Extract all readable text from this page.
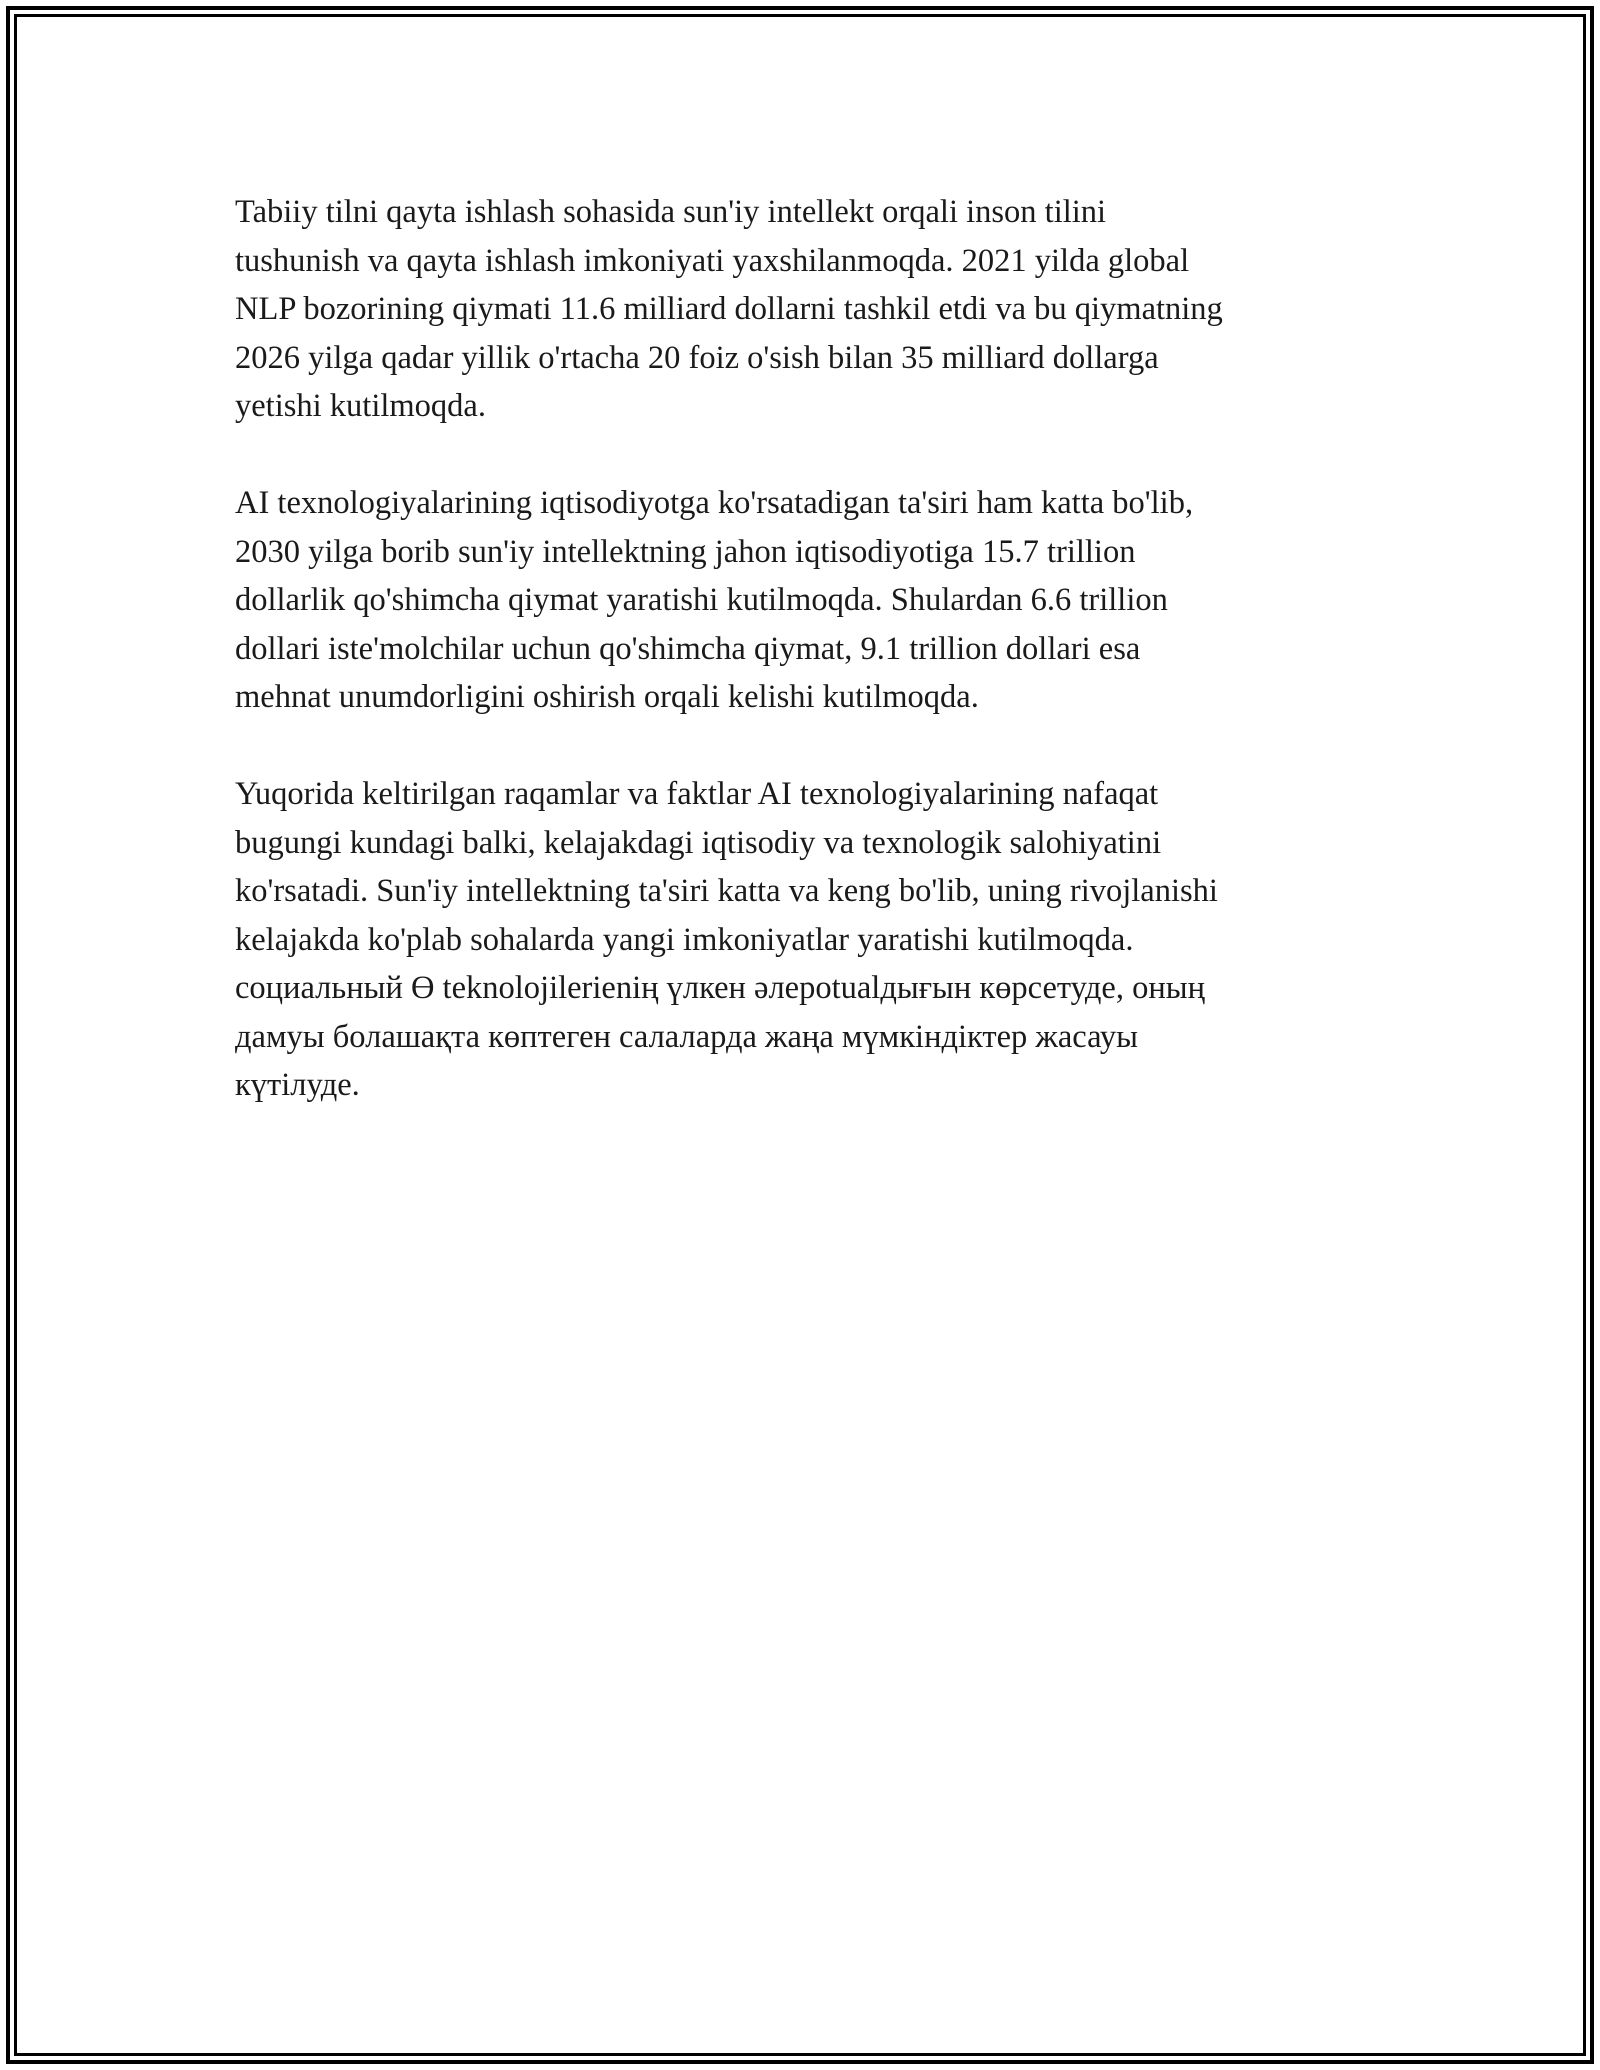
Tabiiy tilni qayta ishlash sohasida sun'iy intellekt orqali inson tilini
tushunish va qayta ishlash imkoniyati yaxshilanmoqda. 2021 yilda global
NLP bozorining qiymati 11.6 milliard dollarni tashkil etdi va bu qiymatning
2026 yilga qadar yillik o'rtacha 20 foiz o'sish bilan 35 milliard dollarga
yetishi kutilmoqda.

AI texnologiyalarining iqtisodiyotga ko'rsatadigan ta'siri ham katta bo'lib,
2030 yilga borib sun'iy intellektning jahon iqtisodiyotiga 15.7 trillion
dollarlik qo'shimcha qiymat yaratishi kutilmoqda. Shulardan 6.6 trillion
dollari iste'molchilar uchun qo'shimcha qiymat, 9.1 trillion dollari esa
mehnat unumdorligini oshirish orqali kelishi kutilmoqda.

Yuqorida keltirilgan raqamlar va faktlar AI texnologiyalarining nafaqat
bugungi kundagi balki, kelajakdagi iqtisodiy va texnologik salohiyatini
ko'rsatadi. Sun'iy intellektning ta'siri katta va keng bo'lib, uning rivojlanishi
kelajakda ko'plab sohalarda yangi imkoniyatlar yaratishi kutilmoqda.
социальный Ө teknolojilerieniң үлкен әлеpotualдығын көрсетуде, оның
дамуы болашақта көптеген салаларда жаңа мүмкіндіктер жасауы
күтілуде.
